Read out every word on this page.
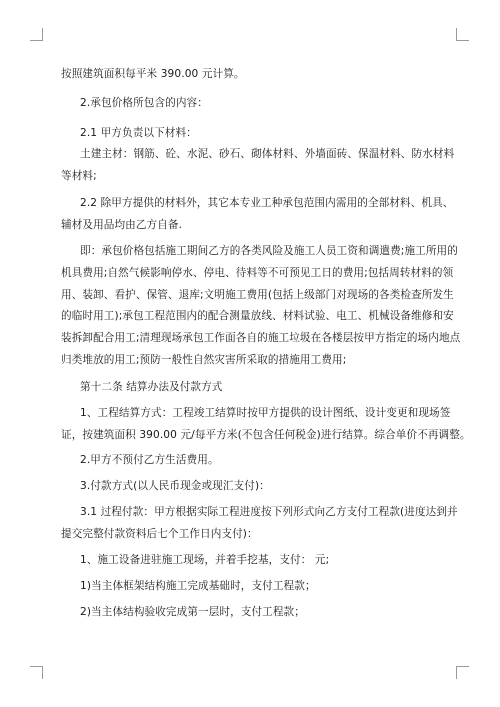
按照建筑面积每平米 390.00 元计算。
2.承包价格所包含的内容：
2.1 甲方负责以下材料：
土建主材：钢筋、砼、水泥、砂石、砌体材料、外墙面砖、保温材料、防水材料
等材料;
2.2 除甲方提供的材料外，其它本专业工种承包范围内需用的全部材料、机具、
辅材及用品均由乙方自备.
即：承包价格包括施工期间乙方的各类风险及施工人员工资和调遣费;施工所用的
机具费用;自然气候影响停水、停电、待料等不可预见工日的费用;包括周转材料的领
用、装卸、看护、保管、退库;文明施工费用(包括上级部门对现场的各类检查所发生
的临时用工);承包工程范围内的配合测量放线、材料试验、电工、机械设备维修和安
装拆卸配合用工;清理现场承包工作面各自的施工垃圾在各楼层按甲方指定的场内地点
归类堆放的用工;预防一般性自然灾害所采取的措施用工费用;
第十二条 结算办法及付款方式
1、工程结算方式：工程竣工结算时按甲方提供的设计图纸、设计变更和现场签
证，按建筑面积 390.00 元/每平方米(不包含任何税金)进行结算。综合单价不再调整。
2.甲方不预付乙方生活费用。
3.付款方式(以人民币现金或现汇支付)：
3.1 过程付款：甲方根据实际工程进度按下列形式向乙方支付工程款(进度达到并
提交完整付款资料后七个工作日内支付)：
1、施工设备进驻施工现场，并着手挖基，支付： 元;
1)当主体框架结构施工完成基础时，支付工程款；
2)当主体结构验收完成第一层时，支付工程款；
